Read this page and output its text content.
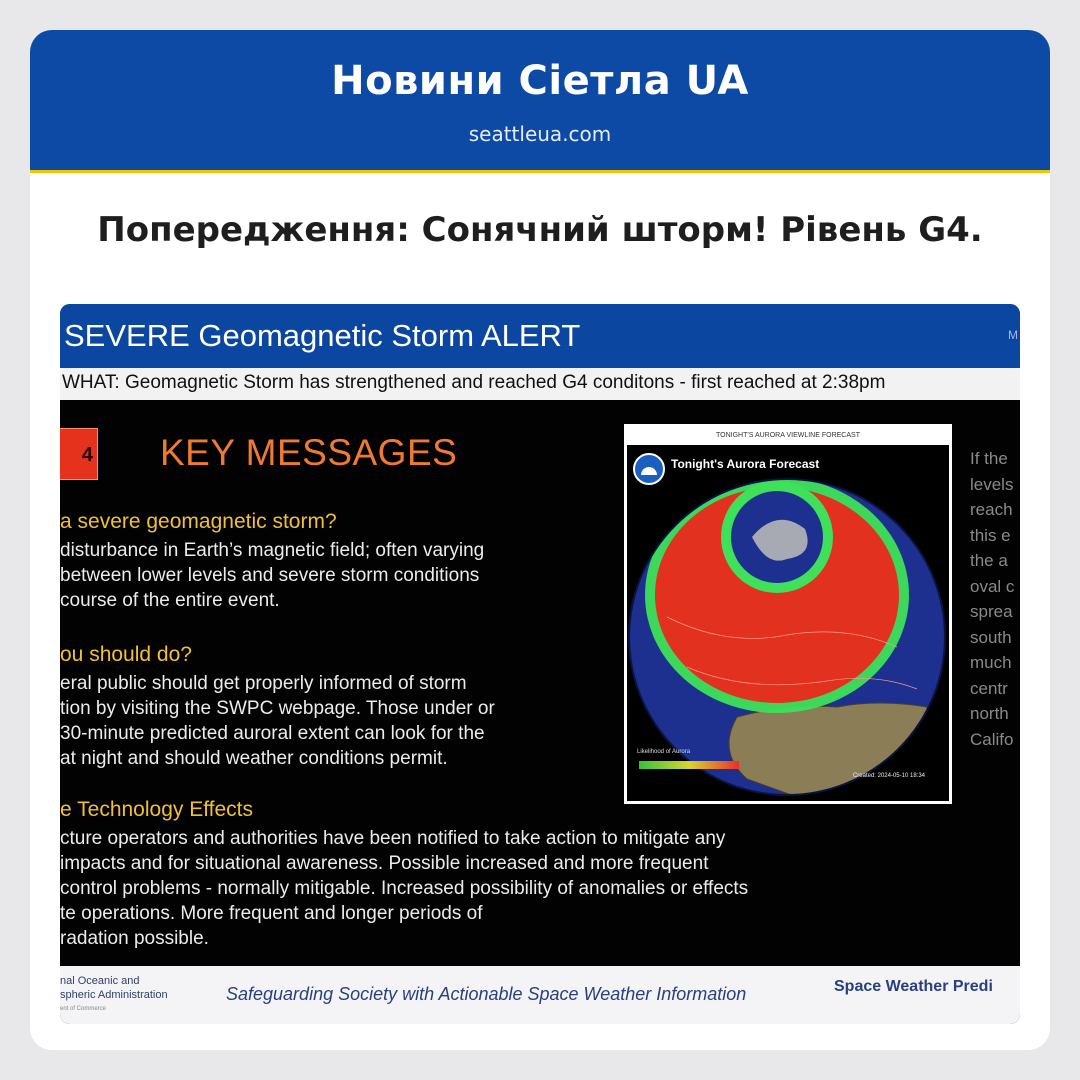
Новини Сіетла UA
seattleua.com
Попередження: Сонячний шторм! Рівень G4.
SEVERE Geomagnetic Storm ALERT	M
WHAT: Geomagnetic Storm has strengthened and reached G4 conditons - first reached at 2:38pm
4 KEY MESSAGES
a severe geomagnetic storm?
disturbance in Earth’s magnetic field; often varying
between lower levels and severe storm conditions
course of the entire event.
ou should do?
eral public should get properly informed of storm
tion by visiting the SWPC webpage. Those under or
30-minute predicted auroral extent can look for the
at night and should weather conditions permit.
e Technology Effects
cture operators and authorities have been notified to take action to mitigate any
impacts and for situational awareness. Possible increased and more frequent
control problems - normally mitigable. Increased possibility of anomalies or effects
te operations. More frequent and longer periods of
radation possible.
TONIGHT'S AURORA VIEWLINE FORECAST
Tonight's Aurora Forecast
Likelihood of Aurora
Created: 2024-05-10 18:34
If the
levels
reach
this e
the a
oval c
sprea
south
much
centr
north
Califo
nal Oceanic and
spheric Administration
ent of Commerce
Safeguarding Society with Actionable Space Weather Information	Space Weather Predi
